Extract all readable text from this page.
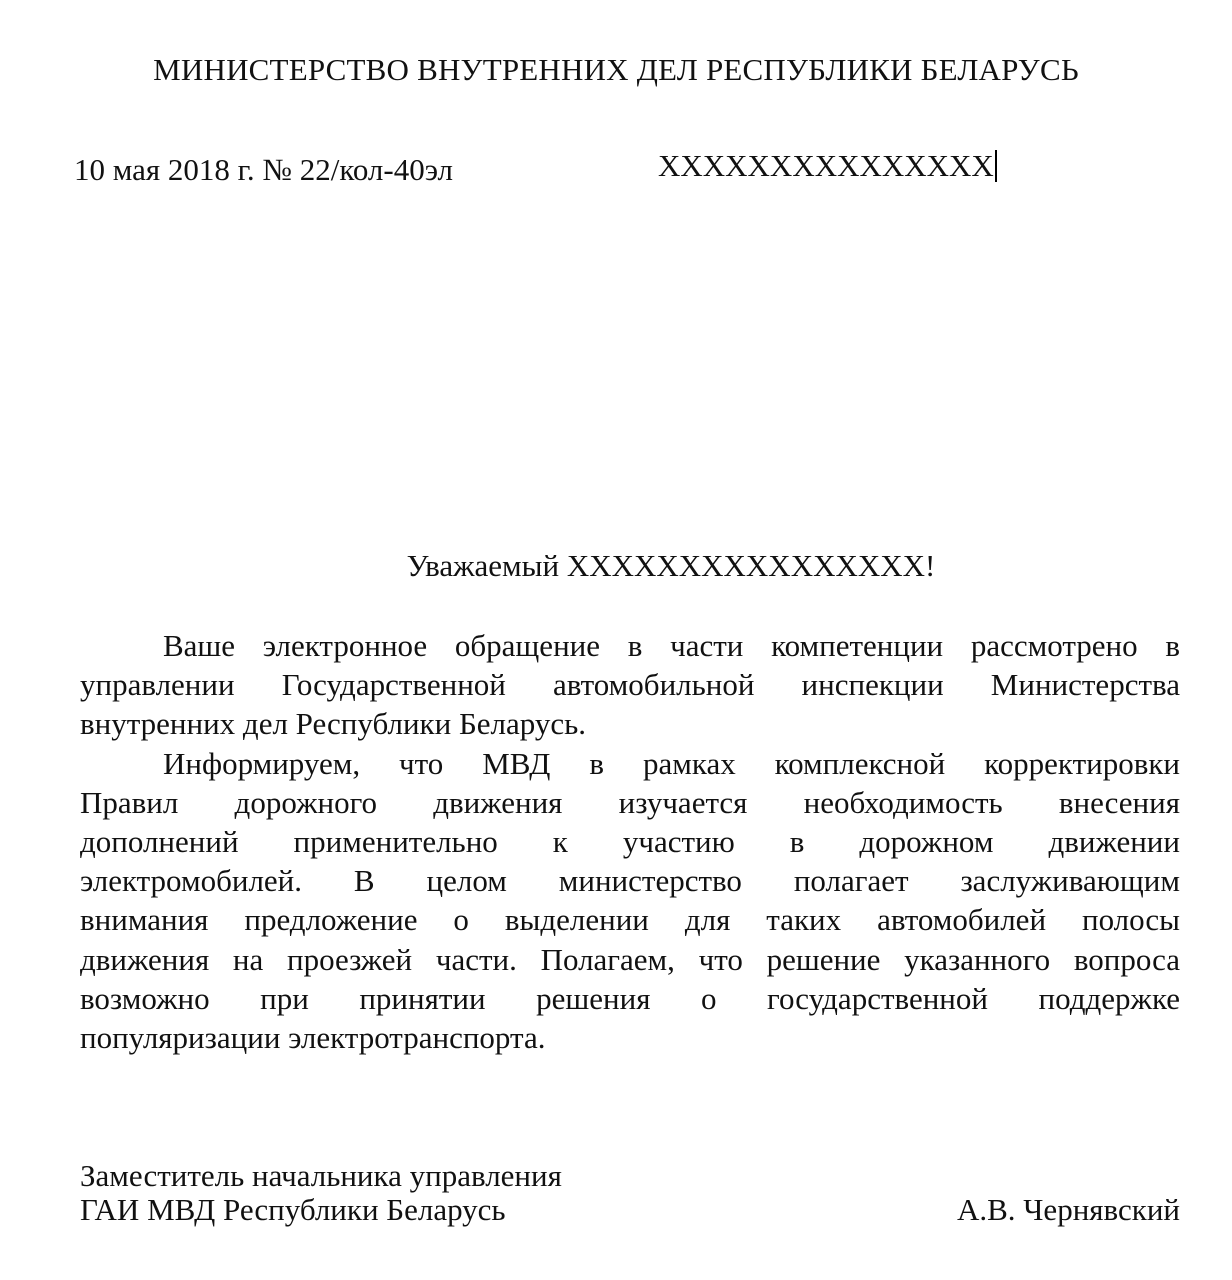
МИНИСТЕРСТВО ВНУТРЕННИХ ДЕЛ РЕСПУБЛИКИ БЕЛАРУСЬ
10 мая 2018 г. № 22/кол-40эл	XXXXXXXXXXXXXXX
Уважаемый XXXXXXXXXXXXXXXX!
Ваше электронное обращение в части компетенции рассмотрено в
управлении Государственной автомобильной инспекции Министерства
внутренних дел Республики Беларусь.
Информируем, что МВД в рамках комплексной корректировки
Правил дорожного движения изучается необходимость внесения
дополнений применительно к участию в дорожном движении
электромобилей. В целом министерство полагает заслуживающим
внимания предложение о выделении для таких автомобилей полосы
движения на проезжей части. Полагаем, что решение указанного вопроса
возможно при принятии решения о государственной поддержке
популяризации электротранспорта.
Заместитель начальника управления
ГАИ МВД Республики Беларусь	А.В. Чернявский
